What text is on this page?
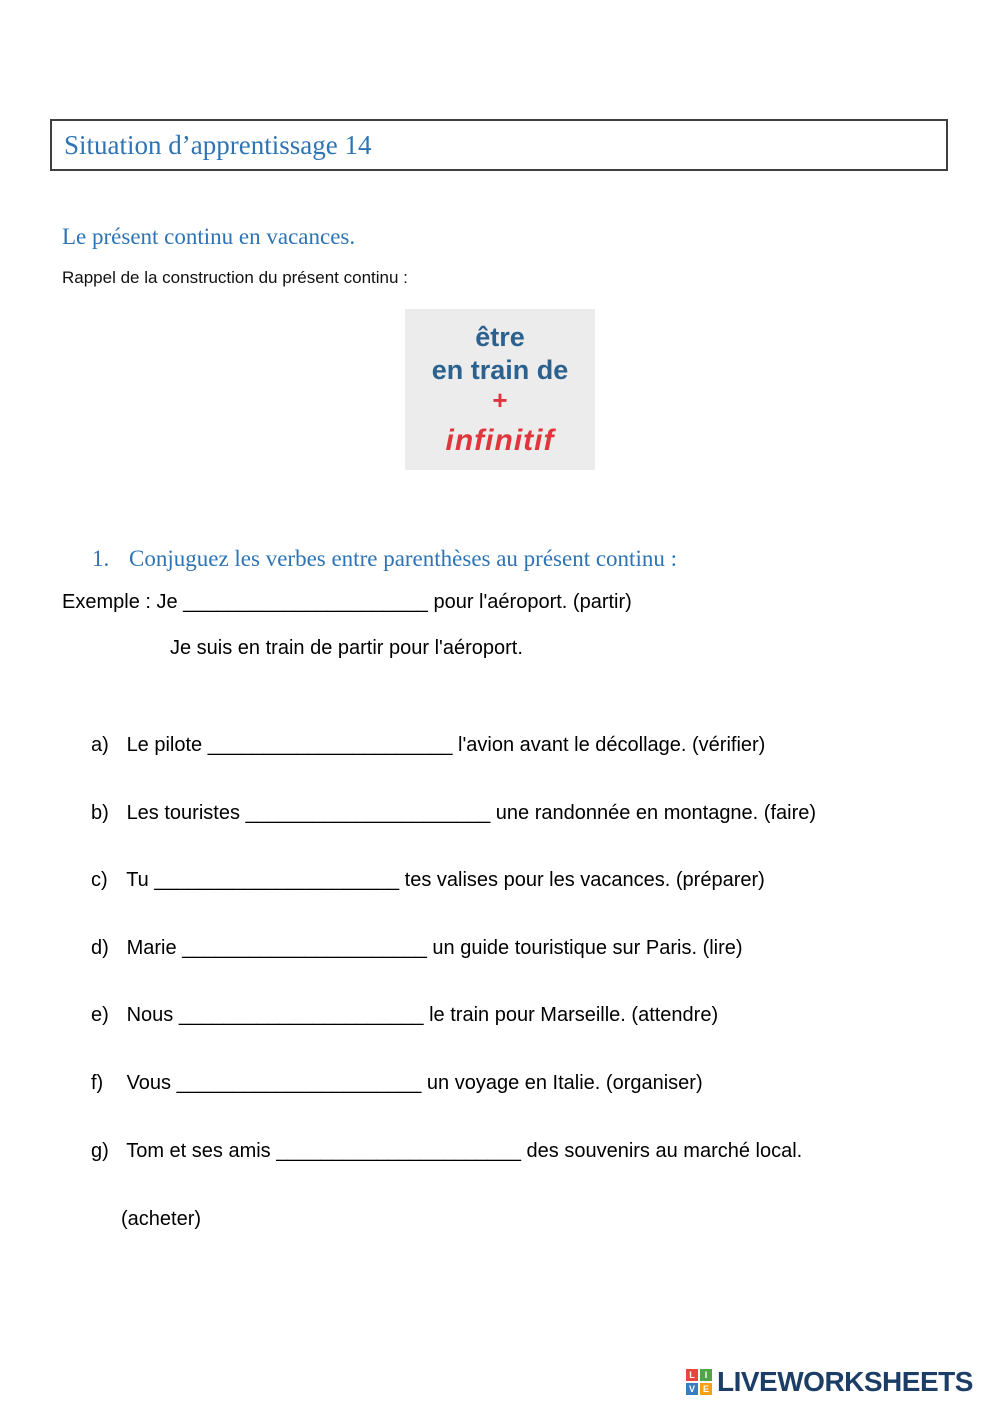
Situation d’apprentissage 14
Le présent continu en vacances.
Rappel de la construction du présent continu :
être
en train de
+
infinitif
1. Conjuguez les verbes entre parenthèses au présent continu :
Exemple : Je ______________________ pour l'aéroport. (partir)
Je suis en train de partir pour l'aéroport.
a) Le pilote ______________________ l'avion avant le décollage. (vérifier)
b) Les touristes ______________________ une randonnée en montagne. (faire)
c) Tu ______________________ tes valises pour les vacances. (préparer)
d) Marie ______________________ un guide touristique sur Paris. (lire)
e) Nous ______________________ le train pour Marseille. (attendre)
f) Vous ______________________ un voyage en Italie. (organiser)
g) Tom et ses amis ______________________ des souvenirs au marché local.
(acheter)
L	I
V E LIVEWORKSHEETS
